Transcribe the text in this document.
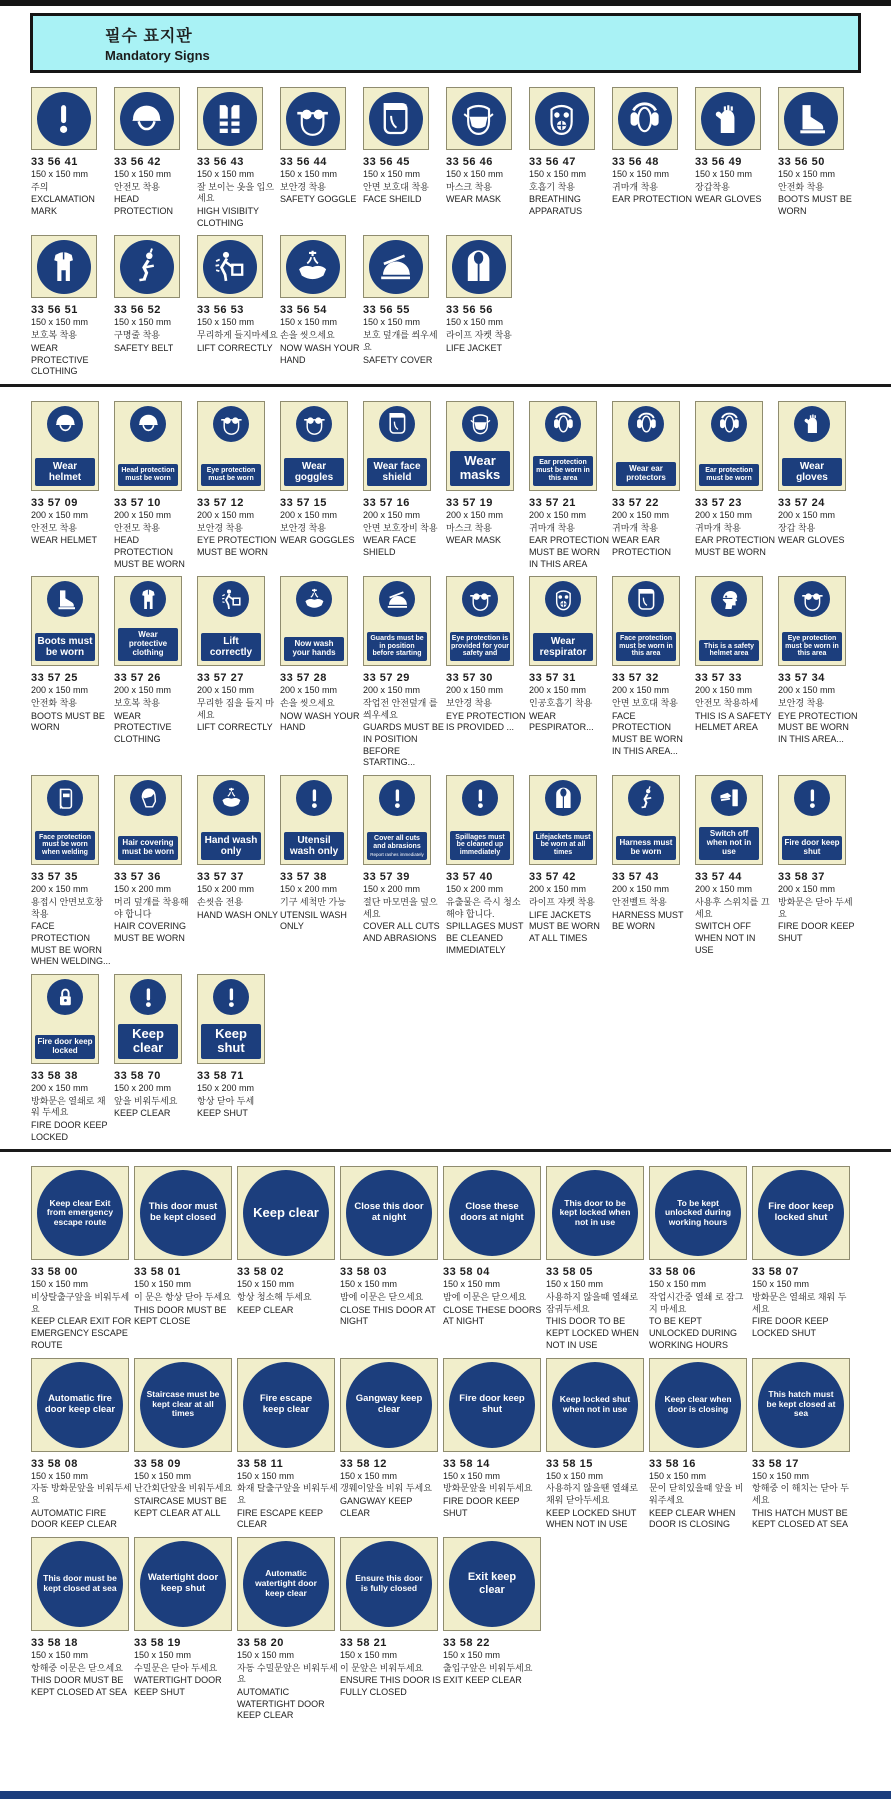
필수 표지판
Mandatory Signs
33 56 41
150 x 150 mm
주의
EXCLAMATION MARK
33 56 42
150 x 150 mm
안전모 착용
HEAD PROTECTION
33 56 43
150 x 150 mm
잘 보이는 옷을 입으세요
HIGH VISIBITY CLOTHING
33 56 44
150 x 150 mm
보안경 착용
SAFETY GOGGLE
33 56 45
150 x 150 mm
안면 보호대 착용
FACE SHEILD
33 56 46
150 x 150 mm
마스크 착용
WEAR MASK
33 56 47
150 x 150 mm
호흡기 착용
BREATHING APPARATUS
33 56 48
150 x 150 mm
귀마개 착용
EAR PROTECTION
33 56 49
150 x 150 mm
장갑착용
WEAR GLOVES
33 56 50
150 x 150 mm
안전화 착용
BOOTS MUST BE WORN
33 56 51
150 x 150 mm
보호복 착용
WEAR PROTECTIVE CLOTHING
33 56 52
150 x 150 mm
구명줄 착용
SAFETY BELT
33 56 53
150 x 150 mm
무리하게 들지마세요
LIFT CORRECTLY
33 56 54
150 x 150 mm
손을 씻으세요
NOW WASH YOUR HAND
33 56 55
150 x 150 mm
보호 덮개를 씌우세요
SAFETY COVER
33 56 56
150 x 150 mm
라이프 자켓 착용
LIFE JACKET
Wear helmet
33 57 09
200 x 150 mm
안전모 착용
WEAR HELMET
Head protection must be worn
33 57 10
200 x 150 mm
안전모 착용
HEAD PROTECTION MUST BE WORN
Eye protection must be worn
33 57 12
200 x 150 mm
보안경 착용
EYE PROTECTION MUST BE WORN
Wear goggles
33 57 15
200 x 150 mm
보안경 착용
WEAR GOGGLES
Wear face shield
33 57 16
200 x 150 mm
안면 보호장비 착용
WEAR FACE SHIELD
Wear masks
33 57 19
200 x 150 mm
마스크 착용
WEAR MASK
Ear protection must be worn in this area
33 57 21
200 x 150 mm
귀마개 착용
EAR PROTECTION MUST BE WORN IN THIS AREA
Wear ear protectors
33 57 22
200 x 150 mm
귀마개 착용
WEAR EAR PROTECTION
Ear protection must be worn
33 57 23
200 x 150 mm
귀마개 착용
EAR PROTECTION MUST BE WORN
Wear gloves
33 57 24
200 x 150 mm
장갑 착용
WEAR GLOVES
Boots must be worn
33 57 25
200 x 150 mm
안전화 착용
BOOTS MUST BE WORN
Wear protective clothing
33 57 26
200 x 150 mm
보호복 착용
WEAR PROTECTIVE CLOTHING
Lift correctly
33 57 27
200 x 150 mm
무리한 짐을 들지 마세요
LIFT CORRECTLY
Now wash your hands
33 57 28
200 x 150 mm
손을 씻으세요
NOW WASH YOUR HAND
Guards must be in position before starting
33 57 29
200 x 150 mm
작업전 안전덮개 를 씌우세요
GUARDS MUST BE IN POSITION BEFORE STARTING...
Eye protection is provided for your safety and
33 57 30
200 x 150 mm
보안경 착용
EYE PROTECTION IS PROVIDED ...
Wear respirator
33 57 31
200 x 150 mm
인공호흡기 착용
WEAR PESPIRATOR...
Face protection must be worn in this area
33 57 32
200 x 150 mm
안면 보호대 착용
FACE PROTECTION MUST BE WORN IN THIS AREA...
This is a safety helmet area
33 57 33
200 x 150 mm
안전모 착용하세
THIS IS A SAFETY HELMET AREA
Eye protection must be worn in this area
33 57 34
200 x 150 mm
보안경 착용
EYE PROTECTION MUST BE WORN IN THIS AREA...
Face protection must be worn when welding
33 57 35
200 x 150 mm
용접시 안면보호창 착용
FACE PROTECTION MUST BE WORN WHEN WELDING...
Hair covering must be worn
33 57 36
150 x 200 mm
머리 덮개를 착용해야 합니다
HAIR COVERING MUST BE WORN
Hand wash only
33 57 37
150 x 200 mm
손씻음 전용
HAND WASH ONLY
Utensil wash only
33 57 38
150 x 200 mm
기구 세척만 가능
UTENSIL WASH ONLY
Cover all cuts and abrasions
Report rashes immediately
33 57 39
150 x 200 mm
절단 마모면을 덮으세요
COVER ALL CUTS AND ABRASIONS
Spillages must be cleaned up immediately
33 57 40
150 x 200 mm
유출물은 즉시 청소해야 합니다.
SPILLAGES MUST BE CLEANED IMMEDIATELY
Lifejackets must be worn at all times
33 57 42
200 x 150 mm
라이프 쟈켓 착용
LIFE JACKETS MUST BE WORN AT ALL TIMES
Harness must be worn
33 57 43
200 x 150 mm
안전벨트 착용
HARNESS MUST BE WORN
Switch off when not in use
33 57 44
200 x 150 mm
사용후 스위치를 끄세요
SWITCH OFF WHEN NOT IN USE
Fire door keep shut
33 58 37
200 x 150 mm
방화문은 닫아 두세요
FIRE DOOR KEEP SHUT
Fire door keep locked
33 58 38
200 x 150 mm
방화문은 열쇄로 채워 두세요
FIRE DOOR KEEP LOCKED
Keep clear
33 58 70
150 x 200 mm
앞을 비워두세요
KEEP CLEAR
Keep shut
33 58 71
150 x 200 mm
항상 닫아 두세
KEEP SHUT
Keep clear Exit from emergency escape route
33 58 00
150 x 150 mm
비상탈출구앞을 비워두세요
KEEP CLEAR EXIT FOR EMERGENCY ESCAPE ROUTE
This door must be kept closed
33 58 01
150 x 150 mm
이 문은 항상 닫아 두세요
THIS DOOR MUST BE KEPT CLOSE
Keep clear
33 58 02
150 x 150 mm
항상 청소해 두세요
KEEP CLEAR
Close this door at night
33 58 03
150 x 150 mm
밤에 이문은 닫으세요
CLOSE THIS DOOR AT NIGHT
Close these doors at night
33 58 04
150 x 150 mm
밤에 이문은 닫으세요
CLOSE THESE DOORS AT NIGHT
This door to be kept locked when not in use
33 58 05
150 x 150 mm
사용하지 않을때 열쇄로 잠궈두세요
THIS DOOR TO BE KEPT LOCKED WHEN NOT IN USE
To be kept unlocked during working hours
33 58 06
150 x 150 mm
작업시간중 열쇄 로 잠그지 마세요
TO BE KEPT UNLOCKED DURING WORKING HOURS
Fire door keep locked shut
33 58 07
150 x 150 mm
방화문은 열쇄로 채워 두세요
FIRE DOOR KEEP LOCKED SHUT
Automatic fire door keep clear
33 58 08
150 x 150 mm
자동 방화문앞을 비워두세요
AUTOMATIC FIRE DOOR KEEP CLEAR
Staircase must be kept clear at all times
33 58 09
150 x 150 mm
난간회단앞을 비워두세요
STAIRCASE MUST BE KEPT CLEAR AT ALL
Fire escape keep clear
33 58 11
150 x 150 mm
화재 탈출구앞을 비워두세요
FIRE ESCAPE KEEP CLEAR
Gangway keep clear
33 58 12
150 x 150 mm
갱웨이앞을 비워 두세요
GANGWAY KEEP CLEAR
Fire door keep shut
33 58 14
150 x 150 mm
방화문앞을 비워두세요
FIRE DOOR KEEP SHUT
Keep locked shut when not in use
33 58 15
150 x 150 mm
사용하지 않을땐 열쇄로 채워 닫아두세요
KEEP LOCKED SHUT WHEN NOT IN USE
Keep clear when door is closing
33 58 16
150 x 150 mm
문이 닫히있을때 앞을 비워주세요
KEEP CLEAR WHEN DOOR IS CLOSING
This hatch must be kept closed at sea
33 58 17
150 x 150 mm
항해중 이 해치는 닫아 두세요
THIS HATCH MUST BE KEPT CLOSED AT SEA
This door must be kept closed at sea
33 58 18
150 x 150 mm
항해중 이문은 닫으세요
THIS DOOR MUST BE KEPT CLOSED AT SEA
Watertight door keep shut
33 58 19
150 x 150 mm
수밀문은 닫아 두세요
WATERTIGHT DOOR KEEP SHUT
Automatic watertight door keep clear
33 58 20
150 x 150 mm
자동 수밀문앞은 비워두세요
AUTOMATIC WATERTIGHT DOOR KEEP CLEAR
Ensure this door is fully closed
33 58 21
150 x 150 mm
이 문앞은 비워두세요
ENSURE THIS DOOR IS FULLY CLOSED
Exit keep clear
33 58 22
150 x 150 mm
출입구앞은 비워두세요
EXIT KEEP CLEAR
